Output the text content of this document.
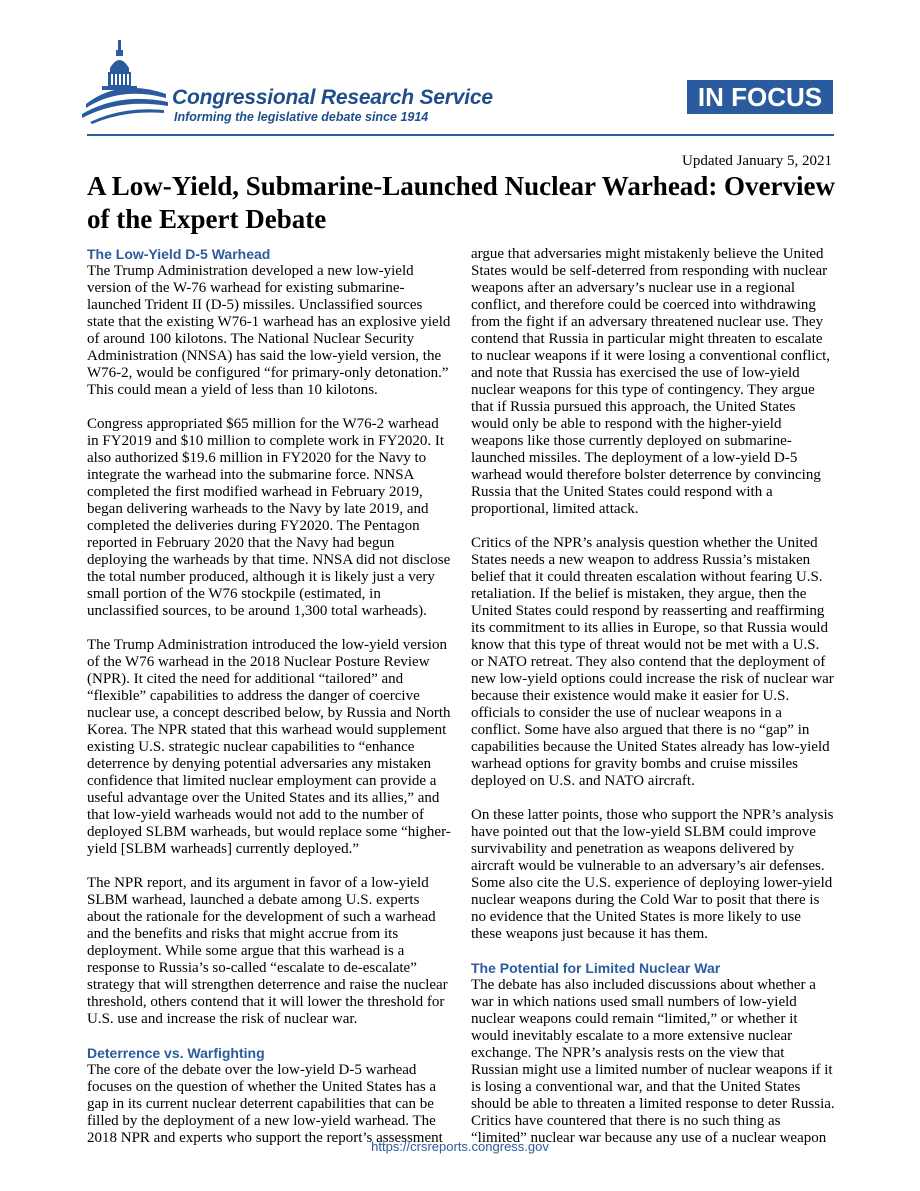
Congressional Research Service
Informing the legislative debate since 1914
IN FOCUS
Updated January 5, 2021
A Low-Yield, Submarine-Launched Nuclear Warhead: Overview of the Expert Debate
The Low-Yield D-5 Warhead

The Trump Administration developed a new low-yield version of the W-76 warhead for existing submarine-launched Trident II (D-5) missiles. Unclassified sources state that the existing W76-1 warhead has an explosive yield of around 100 kilotons. The National Nuclear Security Administration (NNSA) has said the low-yield version, the W76-2, would be configured “for primary-only detonation.” This could mean a yield of less than 10 kilotons.

Congress appropriated $65 million for the W76-2 warhead in FY2019 and $10 million to complete work in FY2020. It also authorized $19.6 million in FY2020 for the Navy to integrate the warhead into the submarine force. NNSA completed the first modified warhead in February 2019, began delivering warheads to the Navy by late 2019, and completed the deliveries during FY2020. The Pentagon reported in February 2020 that the Navy had begun deploying the warheads by that time. NNSA did not disclose the total number produced, although it is likely just a very small portion of the W76 stockpile (estimated, in unclassified sources, to be around 1,300 total warheads).

The Trump Administration introduced the low-yield version of the W76 warhead in the 2018 Nuclear Posture Review (NPR). It cited the need for additional “tailored” and “flexible” capabilities to address the danger of coercive nuclear use, a concept described below, by Russia and North Korea. The NPR stated that this warhead would supplement existing U.S. strategic nuclear capabilities to “enhance deterrence by denying potential adversaries any mistaken confidence that limited nuclear employment can provide a useful advantage over the United States and its allies,” and that low-yield warheads would not add to the number of deployed SLBM warheads, but would replace some “higher-yield [SLBM warheads] currently deployed.”

The NPR report, and its argument in favor of a low-yield SLBM warhead, launched a debate among U.S. experts about the rationale for the development of such a warhead and the benefits and risks that might accrue from its deployment. While some argue that this warhead is a response to Russia’s so-called “escalate to de-escalate” strategy that will strengthen deterrence and raise the nuclear threshold, others contend that it will lower the threshold for U.S. use and increase the risk of nuclear war.

Deterrence vs. Warfighting

The core of the debate over the low-yield D-5 warhead focuses on the question of whether the United States has a gap in its current nuclear deterrent capabilities that can be filled by the deployment of a new low-yield warhead. The 2018 NPR and experts who support the report’s assessment

argue that adversaries might mistakenly believe the United States would be self-deterred from responding with nuclear weapons after an adversary’s nuclear use in a regional conflict, and therefore could be coerced into withdrawing from the fight if an adversary threatened nuclear use. They contend that Russia in particular might threaten to escalate to nuclear weapons if it were losing a conventional conflict, and note that Russia has exercised the use of low-yield nuclear weapons for this type of contingency. They argue that if Russia pursued this approach, the United States would only be able to respond with the higher-yield weapons like those currently deployed on submarine-launched missiles. The deployment of a low-yield D-5 warhead would therefore bolster deterrence by convincing Russia that the United States could respond with a proportional, limited attack.

Critics of the NPR’s analysis question whether the United States needs a new weapon to address Russia’s mistaken belief that it could threaten escalation without fearing U.S. retaliation. If the belief is mistaken, they argue, then the United States could respond by reasserting and reaffirming its commitment to its allies in Europe, so that Russia would know that this type of threat would not be met with a U.S. or NATO retreat. They also contend that the deployment of new low-yield options could increase the risk of nuclear war because their existence would make it easier for U.S. officials to consider the use of nuclear weapons in a conflict. Some have also argued that there is no “gap” in capabilities because the United States already has low-yield warhead options for gravity bombs and cruise missiles deployed on U.S. and NATO aircraft.

On these latter points, those who support the NPR’s analysis have pointed out that the low-yield SLBM could improve survivability and penetration as weapons delivered by aircraft would be vulnerable to an adversary’s air defenses. Some also cite the U.S. experience of deploying lower-yield nuclear weapons during the Cold War to posit that there is no evidence that the United States is more likely to use these weapons just because it has them.

The Potential for Limited Nuclear War

The debate has also included discussions about whether a war in which nations used small numbers of low-yield nuclear weapons could remain “limited,” or whether it would inevitably escalate to a more extensive nuclear exchange. The NPR’s analysis rests on the view that Russian might use a limited number of nuclear weapons if it is losing a conventional war, and that the United States should be able to threaten a limited response to deter Russia. Critics have countered that there is no such thing as “limited” nuclear war because any use of a nuclear weapon

https://crsreports.congress.gov
